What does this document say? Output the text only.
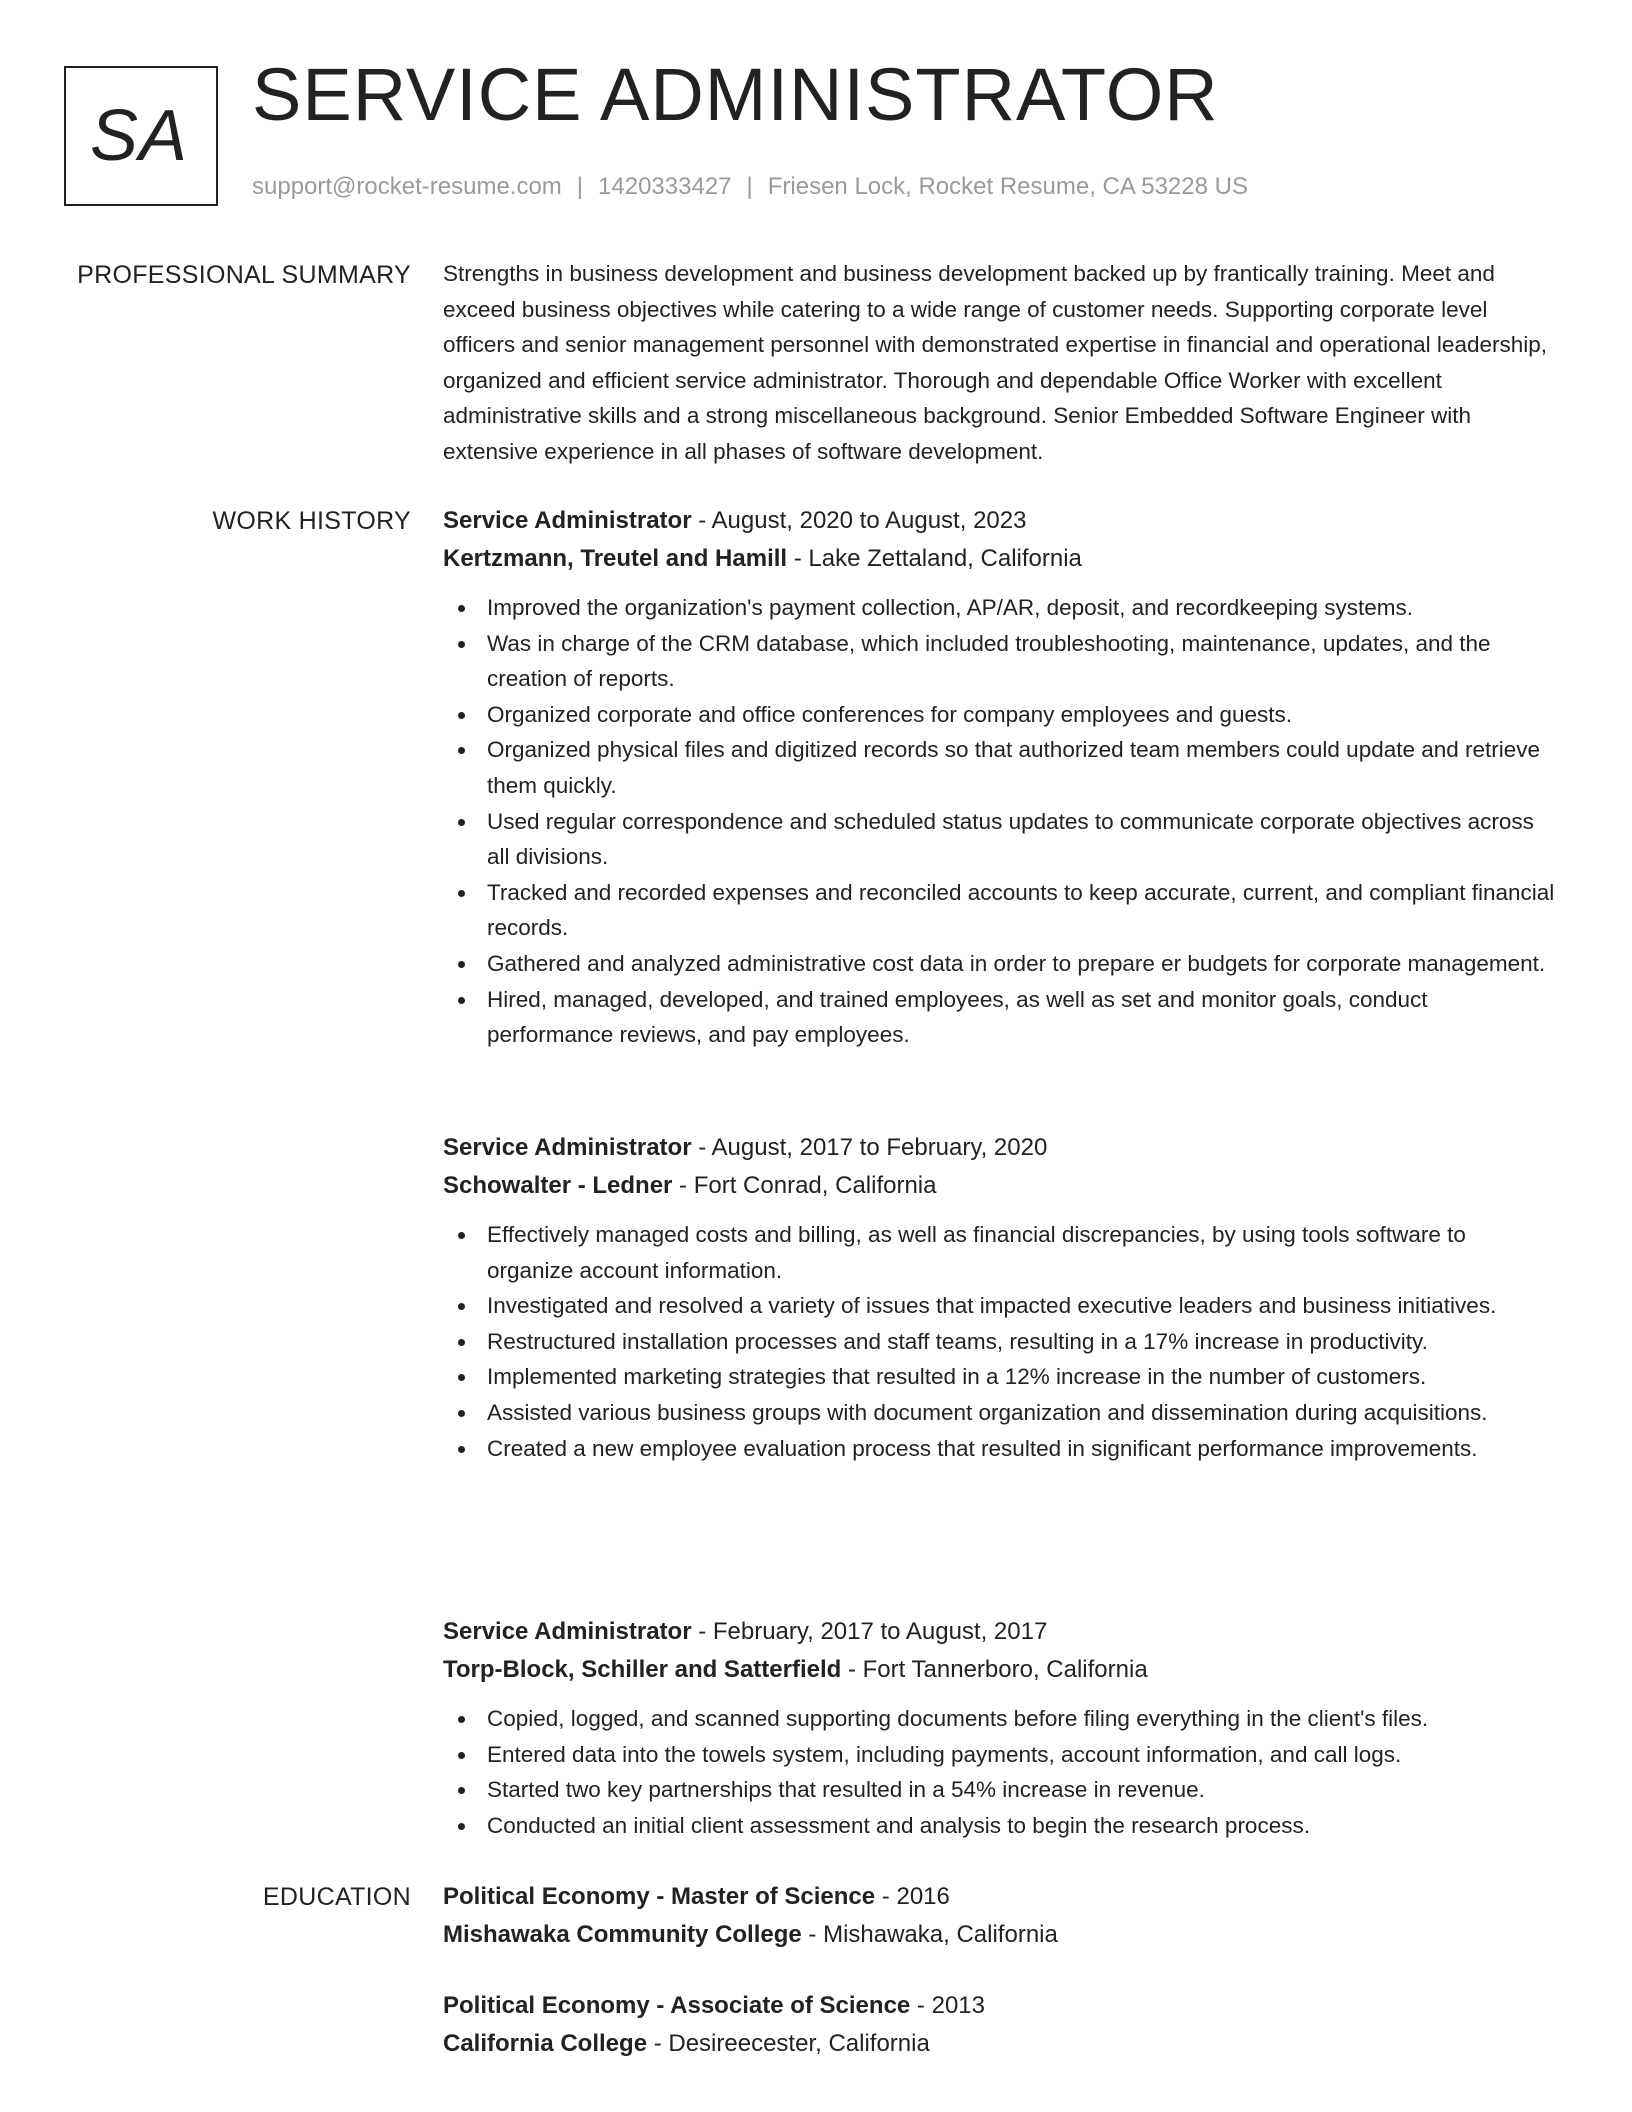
SA SERVICE ADMINISTRATOR
support@rocket-resume.com | 1420333427 | Friesen Lock, Rocket Resume, CA 53228 US
PROFESSIONAL SUMMARY Strengths in business development and business development backed up by frantically training. Meet and exceed business objectives while catering to a wide range of customer needs. Supporting corporate level officers and senior management personnel with demonstrated expertise in financial and operational leadership, organized and efficient service administrator. Thorough and dependable Office Worker with excellent administrative skills and a strong miscellaneous background. Senior Embedded Software Engineer with extensive experience in all phases of software development.

WORK HISTORY Service Administrator - August, 2020 to August, 2023
Kertzmann, Treutel and Hamill - Lake Zettaland, California
Improved the organization's payment collection, AP/AR, deposit, and recordkeeping systems.
Was in charge of the CRM database, which included troubleshooting, maintenance, updates, and the creation of reports.
Organized corporate and office conferences for company employees and guests.
Organized physical files and digitized records so that authorized team members could update and retrieve them quickly.
Used regular correspondence and scheduled status updates to communicate corporate objectives across all divisions.
Tracked and recorded expenses and reconciled accounts to keep accurate, current, and compliant financial records.
Gathered and analyzed administrative cost data in order to prepare er budgets for corporate management.
Hired, managed, developed, and trained employees, as well as set and monitor goals, conduct performance reviews, and pay employees.
Service Administrator - August, 2017 to February, 2020
Schowalter - Ledner - Fort Conrad, California
Effectively managed costs and billing, as well as financial discrepancies, by using tools software to organize account information.
Investigated and resolved a variety of issues that impacted executive leaders and business initiatives.
Restructured installation processes and staff teams, resulting in a 17% increase in productivity.
Implemented marketing strategies that resulted in a 12% increase in the number of customers.
Assisted various business groups with document organization and dissemination during acquisitions.
Created a new employee evaluation process that resulted in significant performance improvements.
Service Administrator - February, 2017 to August, 2017
Torp-Block, Schiller and Satterfield - Fort Tannerboro, California
Copied, logged, and scanned supporting documents before filing everything in the client's files.
Entered data into the towels system, including payments, account information, and call logs.
Started two key partnerships that resulted in a 54% increase in revenue.
Conducted an initial client assessment and analysis to begin the research process.
EDUCATION Political Economy - Master of Science - 2016
Mishawaka Community College - Mishawaka, California
Political Economy - Associate of Science - 2013
California College - Desireecester, California
